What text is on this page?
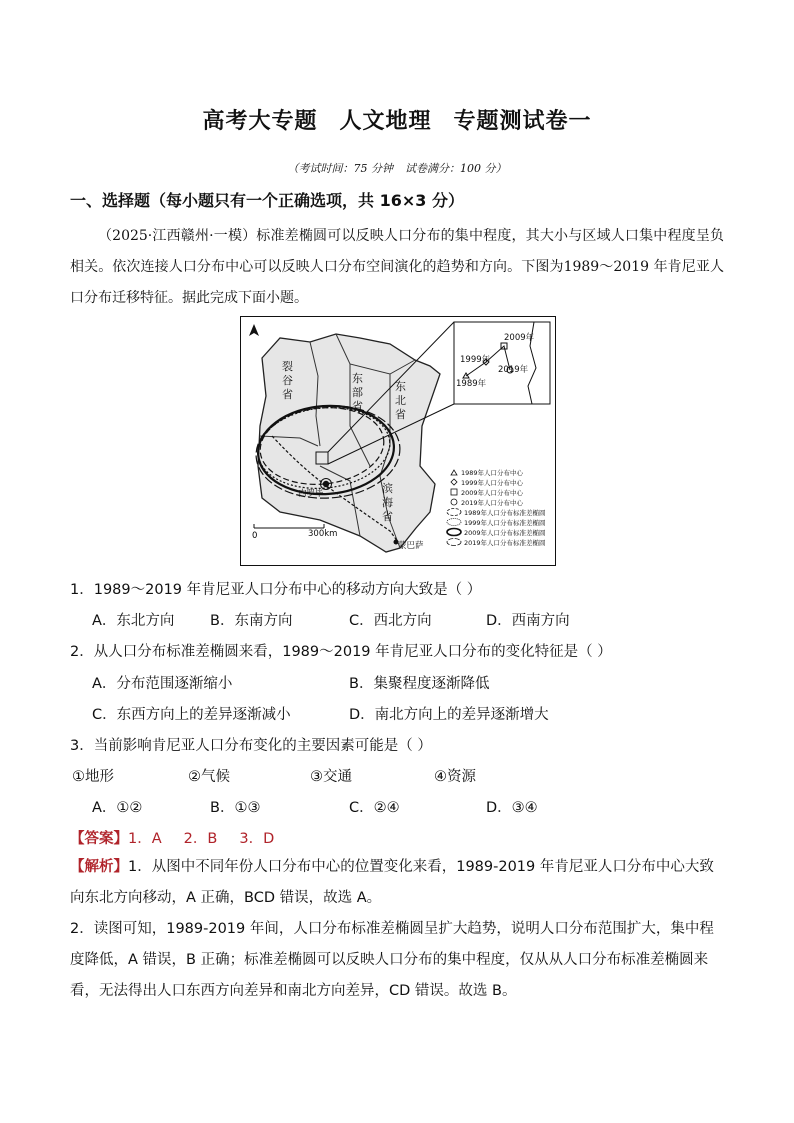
高考大专题 人文地理 专题测试卷一
（考试时间：75 分钟 试卷满分：100 分）
一、选择题（每小题只有一个正确选项，共 16×3 分）
（2025·江西赣州·一模）标准差椭圆可以反映人口分布的集中程度，其大小与区域人口集中程度呈负相关。依次连接人口分布中心可以反映人口分布空间演化的趋势和方向。下图为1989～2019 年肯尼亚人口分布迁移特征。据此完成下面小题。
裂
谷
省
东
部
省
东
北
省
滨
海
省
内罗毕
蒙巴萨
300km
0
2009年
1999年
2019年
1989年
1989年人口分布中心
1999年人口分布中心
2009年人口分布中心
2019年人口分布中心
1989年人口分布标准差椭圆
1999年人口分布标准差椭圆
2009年人口分布标准差椭圆
2019年人口分布标准差椭圆
1．1989～2019 年肯尼亚人口分布中心的移动方向大致是（ ）
A．东北方向 B．东南方向	C．西北方向	D．西南方向
2．从人口分布标准差椭圆来看，1989～2019 年肯尼亚人口分布的变化特征是（ ）
A．分布范围逐渐缩小	B．集聚程度逐渐降低
C．东西方向上的差异逐渐减小	D．南北方向上的差异逐渐增大
3．当前影响肯尼亚人口分布变化的主要因素可能是（ ）
①地形	②气候	③交通	④资源
A．①②	B．①③	C．②④	D．③④
【答案】1．A 2．B 3．D
【解析】1．从图中不同年份人口分布中心的位置变化来看，1989-2019 年肯尼亚人口分布中心大致向东北方向移动，A 正确，BCD 错误，故选 A。
2．读图可知，1989-2019 年间，人口分布标准差椭圆呈扩大趋势，说明人口分布范围扩大，集中程度降低，A 错误，B 正确；标准差椭圆可以反映人口分布的集中程度，仅从从人口分布标准差椭圆来看，无法得出人口东西方向差异和南北方向差异，CD 错误。故选 B。
